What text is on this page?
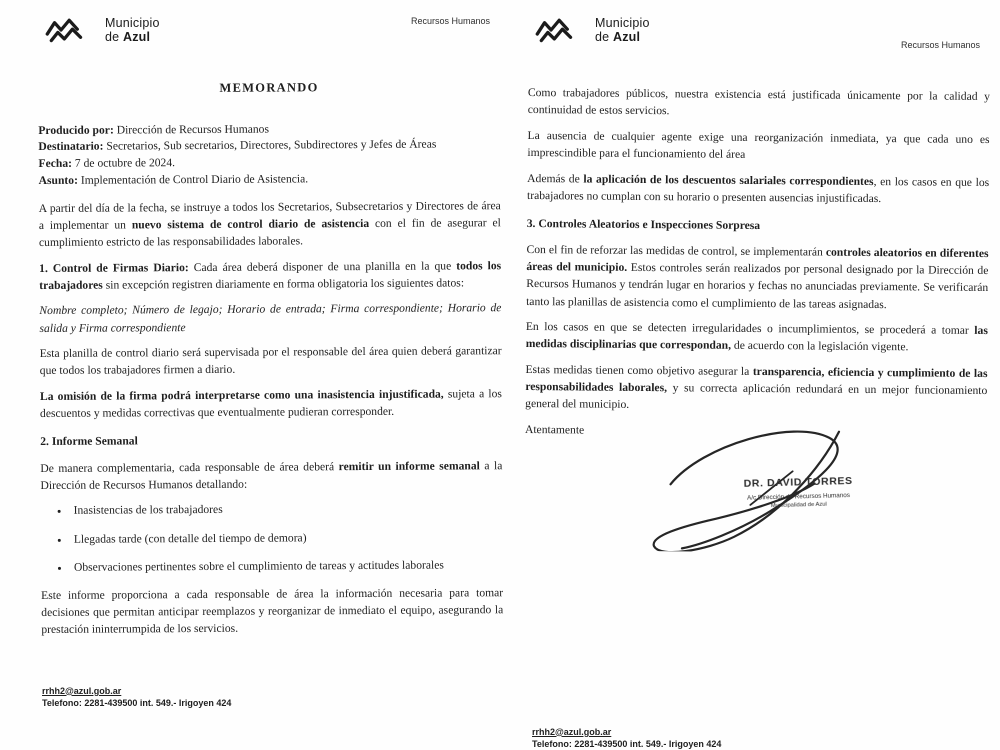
Municipio
de Azul
Recursos Humanos
MEMORANDO

Producido por: Dirección de Recursos Humanos

Destinatario: Secretarios, Sub secretarios, Directores, Subdirectores y Jefes de Áreas

Fecha: 7 de octubre de 2024.

Asunto: Implementación de Control Diario de Asistencia.

A partir del día de la fecha, se instruye a todos los Secretarios, Subsecretarios y Directores de área a implementar un nuevo sistema de control diario de asistencia con el fin de asegurar el cumplimiento estricto de las responsabilidades laborales.

1. Control de Firmas Diario: Cada área deberá disponer de una planilla en la que todos los trabajadores sin excepción registren diariamente en forma obligatoria los siguientes datos:

Nombre completo; Número de legajo; Horario de entrada; Firma correspondiente; Horario de salida y Firma correspondiente

Esta planilla de control diario será supervisada por el responsable del área quien deberá garantizar que todos los trabajadores firmen a diario.

La omisión de la firma podrá interpretarse como una inasistencia injustificada, sujeta a los descuentos y medidas correctivas que eventualmente pudieran corresponder.

2. Informe Semanal

De manera complementaria, cada responsable de área deberá remitir un informe semanal a la Dirección de Recursos Humanos detallando:

• Inasistencias de los trabajadores
• Llegadas tarde (con detalle del tiempo de demora)
• Observaciones pertinentes sobre el cumplimiento de tareas y actitudes laborales

Este informe proporciona a cada responsable de área la información necesaria para tomar decisiones que permitan anticipar reemplazos y reorganizar de inmediato el equipo, asegurando la prestación ininterrumpida de los servicios.

rrhh2@azul.gob.ar
Telefono: 2281-439500 int. 549.- Irigoyen 424
Municipio
de Azul
Recursos Humanos

Como trabajadores públicos, nuestra existencia está justificada únicamente por la calidad y continuidad de estos servicios.

La ausencia de cualquier agente exige una reorganización inmediata, ya que cada uno es imprescindible para el funcionamiento del área

Además de la aplicación de los descuentos salariales correspondientes, en los casos en que los trabajadores no cumplan con su horario o presenten ausencias injustificadas.

3. Controles Aleatorios e Inspecciones Sorpresa

Con el fin de reforzar las medidas de control, se implementarán controles aleatorios en diferentes áreas del municipio. Estos controles serán realizados por personal designado por la Dirección de Recursos Humanos y tendrán lugar en horarios y fechas no anunciadas previamente. Se verificarán tanto las planillas de asistencia como el cumplimiento de las tareas asignadas.

En los casos en que se detecten irregularidades o incumplimientos, se procederá a tomar las medidas disciplinarias que correspondan, de acuerdo con la legislación vigente.

Estas medidas tienen como objetivo asegurar la transparencia, eficiencia y cumplimiento de las responsabilidades laborales, y su correcta aplicación redundará en un mejor funcionamiento general del municipio.

Atentamente

DR. DAVID TORRES
A/c Dirección de Recursos Humanos
Municipalidad de Azul
rrhh2@azul.gob.ar
Telefono: 2281-439500 int. 549.- Irigoyen 424
